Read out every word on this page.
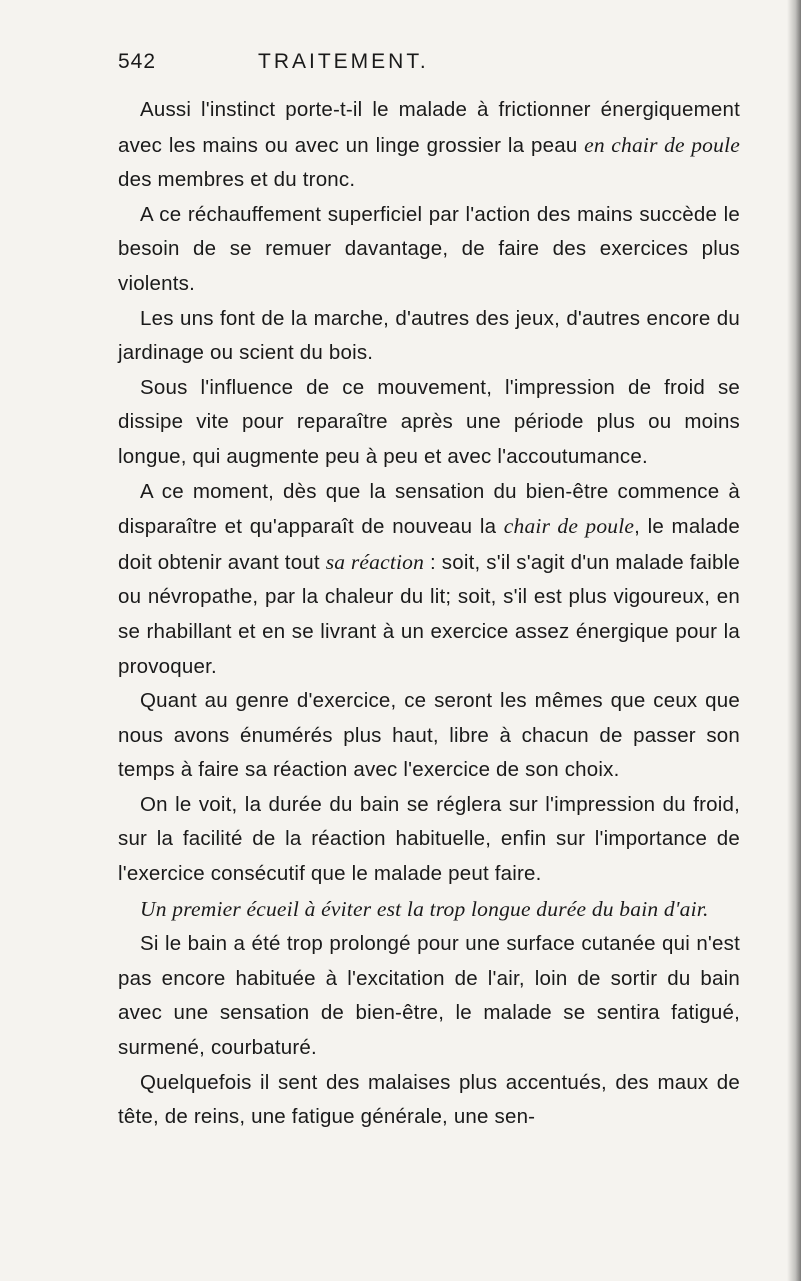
542	TRAITEMENT.

Aussi l'instinct porte-t-il le malade à frictionner énergiquement avec les mains ou avec un linge grossier la peau en chair de poule des membres et du tronc.

A ce réchauffement superficiel par l'action des mains succède le besoin de se remuer davantage, de faire des exercices plus violents.

Les uns font de la marche, d'autres des jeux, d'autres encore du jardinage ou scient du bois.

Sous l'influence de ce mouvement, l'impression de froid se dissipe vite pour reparaître après une période plus ou moins longue, qui augmente peu à peu et avec l'accoutumance.

A ce moment, dès que la sensation du bien-être commence à disparaître et qu'apparaît de nouveau la chair de poule, le malade doit obtenir avant tout sa réaction : soit, s'il s'agit d'un malade faible ou névropathe, par la chaleur du lit; soit, s'il est plus vigoureux, en se rhabillant et en se livrant à un exercice assez énergique pour la provoquer.

Quant au genre d'exercice, ce seront les mêmes que ceux que nous avons énumérés plus haut, libre à chacun de passer son temps à faire sa réaction avec l'exercice de son choix.

On le voit, la durée du bain se réglera sur l'impression du froid, sur la facilité de la réaction habituelle, enfin sur l'importance de l'exercice consécutif que le malade peut faire.

Un premier écueil à éviter est la trop longue durée du bain d'air.

Si le bain a été trop prolongé pour une surface cutanée qui n'est pas encore habituée à l'excitation de l'air, loin de sortir du bain avec une sensation de bien-être, le malade se sentira fatigué, surmené, courbaturé.

Quelquefois il sent des malaises plus accentués, des maux de tête, de reins, une fatigue générale, une sen-
